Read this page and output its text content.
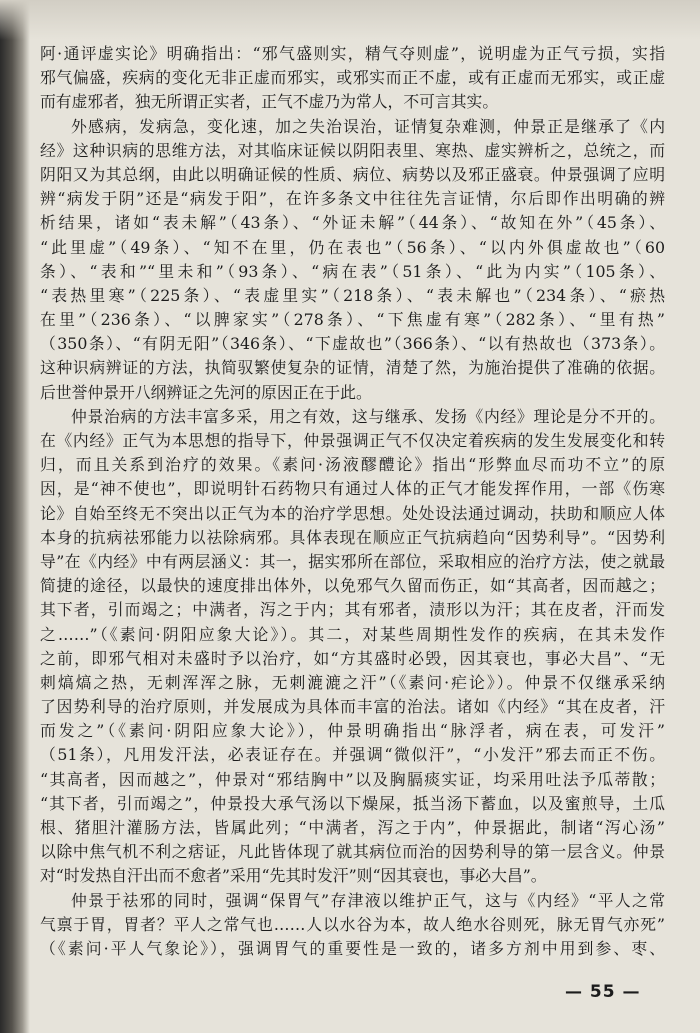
阿·通评虚实论》明确指出：“邪气盛则实，精气夺则虚”，说明虚为正气亏损，实指
邪气偏盛，疾病的变化无非正虚而邪实，或邪实而正不虚，或有正虚而无邪实，或正虚
而有虚邪者，独无所谓正实者，正气不虚乃为常人，不可言其实。
外感病，发病急，变化速，加之失治误治，证情复杂难测，仲景正是继承了《内
经》这种识病的思维方法，对其临床证候以阴阳表里、寒热、虚实辨析之，总统之，而
阴阳又为其总纲，由此以明确证候的性质、病位、病势以及邪正盛衰。仲景强调了应明
辨“病发于阴”还是“病发于阳”，在许多条文中往往先言证情，尔后即作出明确的辨
析结果，诸如“表未解”（43条）、“外证未解”（44条）、“故知在外”（45条）、
“此里虚”（49条）、“知不在里，仍在表也”（56条）、“以内外俱虚故也”（60
条）、“表和”“里未和”（93条）、“病在表”（51条）、“此为内实”（105条）、
“表热里寒”（225条）、“表虚里实”（218条）、“表未解也”（234条）、“瘀热
在里”（236条）、“以脾家实”（278条）、“下焦虚有寒”（282条）、“里有热”
（350条）、“有阴无阳”（346条）、“下虚故也”（366条）、“以有热故也（373条）。
这种识病辨证的方法，执简驭繁使复杂的证情，清楚了然，为施治提供了准确的依据。
后世誉仲景开八纲辨证之先河的原因正在于此。
仲景治病的方法丰富多采，用之有效，这与继承、发扬《内经》理论是分不开的。
在《内经》正气为本思想的指导下，仲景强调正气不仅决定着疾病的发生发展变化和转
归，而且关系到治疗的效果。《素问·汤液醪醴论》指出“形弊血尽而功不立”的原
因，是“神不使也”，即说明针石药物只有通过人体的正气才能发挥作用，一部《伤寒
论》自始至终无不突出以正气为本的治疗学思想。处处设法通过调动，扶助和顺应人体
本身的抗病祛邪能力以祛除病邪。具体表现在顺应正气抗病趋向“因势利导”。“因势利
导”在《内经》中有两层涵义：其一，据实邪所在部位，采取相应的治疗方法，使之就最
简捷的途径，以最快的速度排出体外，以免邪气久留而伤正，如“其高者，因而越之；
其下者，引而竭之；中满者，泻之于内；其有邪者，渍形以为汗；其在皮者，汗而发
之……”（《素问·阴阳应象大论》）。其二，对某些周期性发作的疾病，在其未发作
之前，即邪气相对未盛时予以治疗，如“方其盛时必毁，因其衰也，事必大昌”、“无
刺熇熇之热，无刺浑浑之脉，无刺漉漉之汗”（《素问·疟论》）。仲景不仅继承采纳
了因势利导的治疗原则，并发展成为具体而丰富的治法。诸如《内经》“其在皮者，汗
而发之”（《素问·阴阳应象大论》），仲景明确指出“脉浮者，病在表，可发汗”
（51条），凡用发汗法，必表证存在。并强调“微似汗”，“小发汗”邪去而正不伤。
“其高者，因而越之”，仲景对“邪结胸中”以及胸膈痰实证，均采用吐法予瓜蒂散；
“其下者，引而竭之”，仲景投大承气汤以下燥屎，抵当汤下蓄血，以及蜜煎导，土瓜
根、猪胆汁灌肠方法，皆属此列；“中满者，泻之于内”，仲景据此，制诸“泻心汤”
以除中焦气机不利之痞证，凡此皆体现了就其病位而治的因势利导的第一层含义。仲景
对“时发热自汗出而不愈者”采用“先其时发汗”则“因其衰也，事必大昌”。
仲景于祛邪的同时，强调“保胃气”存津液以维护正气，这与《内经》“平人之常
气禀于胃，胃者？平人之常气也……人以水谷为本，故人绝水谷则死，脉无胃气亦死”
（《素问·平人气象论》），强调胃气的重要性是一致的，诸多方剂中用到参、枣、
— 55 —
